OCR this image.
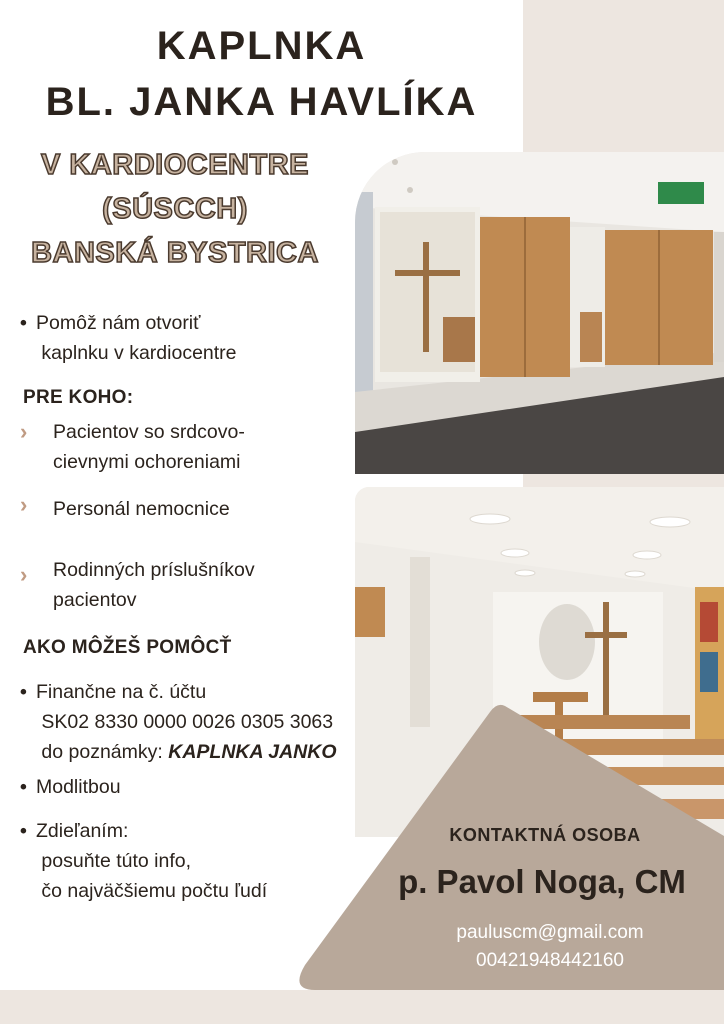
KAPLNKA
BL. JANKA HAVLÍKA
V KARDIOCENTRE
(SÚSCCH)
BANSKÁ BYSTRICA
• Pomôž nám otvoriť
kaplnku v kardiocentre
PRE KOHO:
› Pacientov so srdcovo-
cievnymi ochoreniami
› Personál nemocnice
› Rodinných príslušníkov
pacientov
AKO MÔŽEŠ POMÔCŤ
• Finančne na č. účtu
SK02 8330 0000 0026 0305 3063
do poznámky: KAPLNKA JANKO
• Modlitbou
• Zdieľaním:
posuňte túto info,
čo najväčšiemu počtu ľudí
KONTAKTNÁ OSOBA
p. Pavol Noga, CM
pauluscm@gmail.com
00421948442160
